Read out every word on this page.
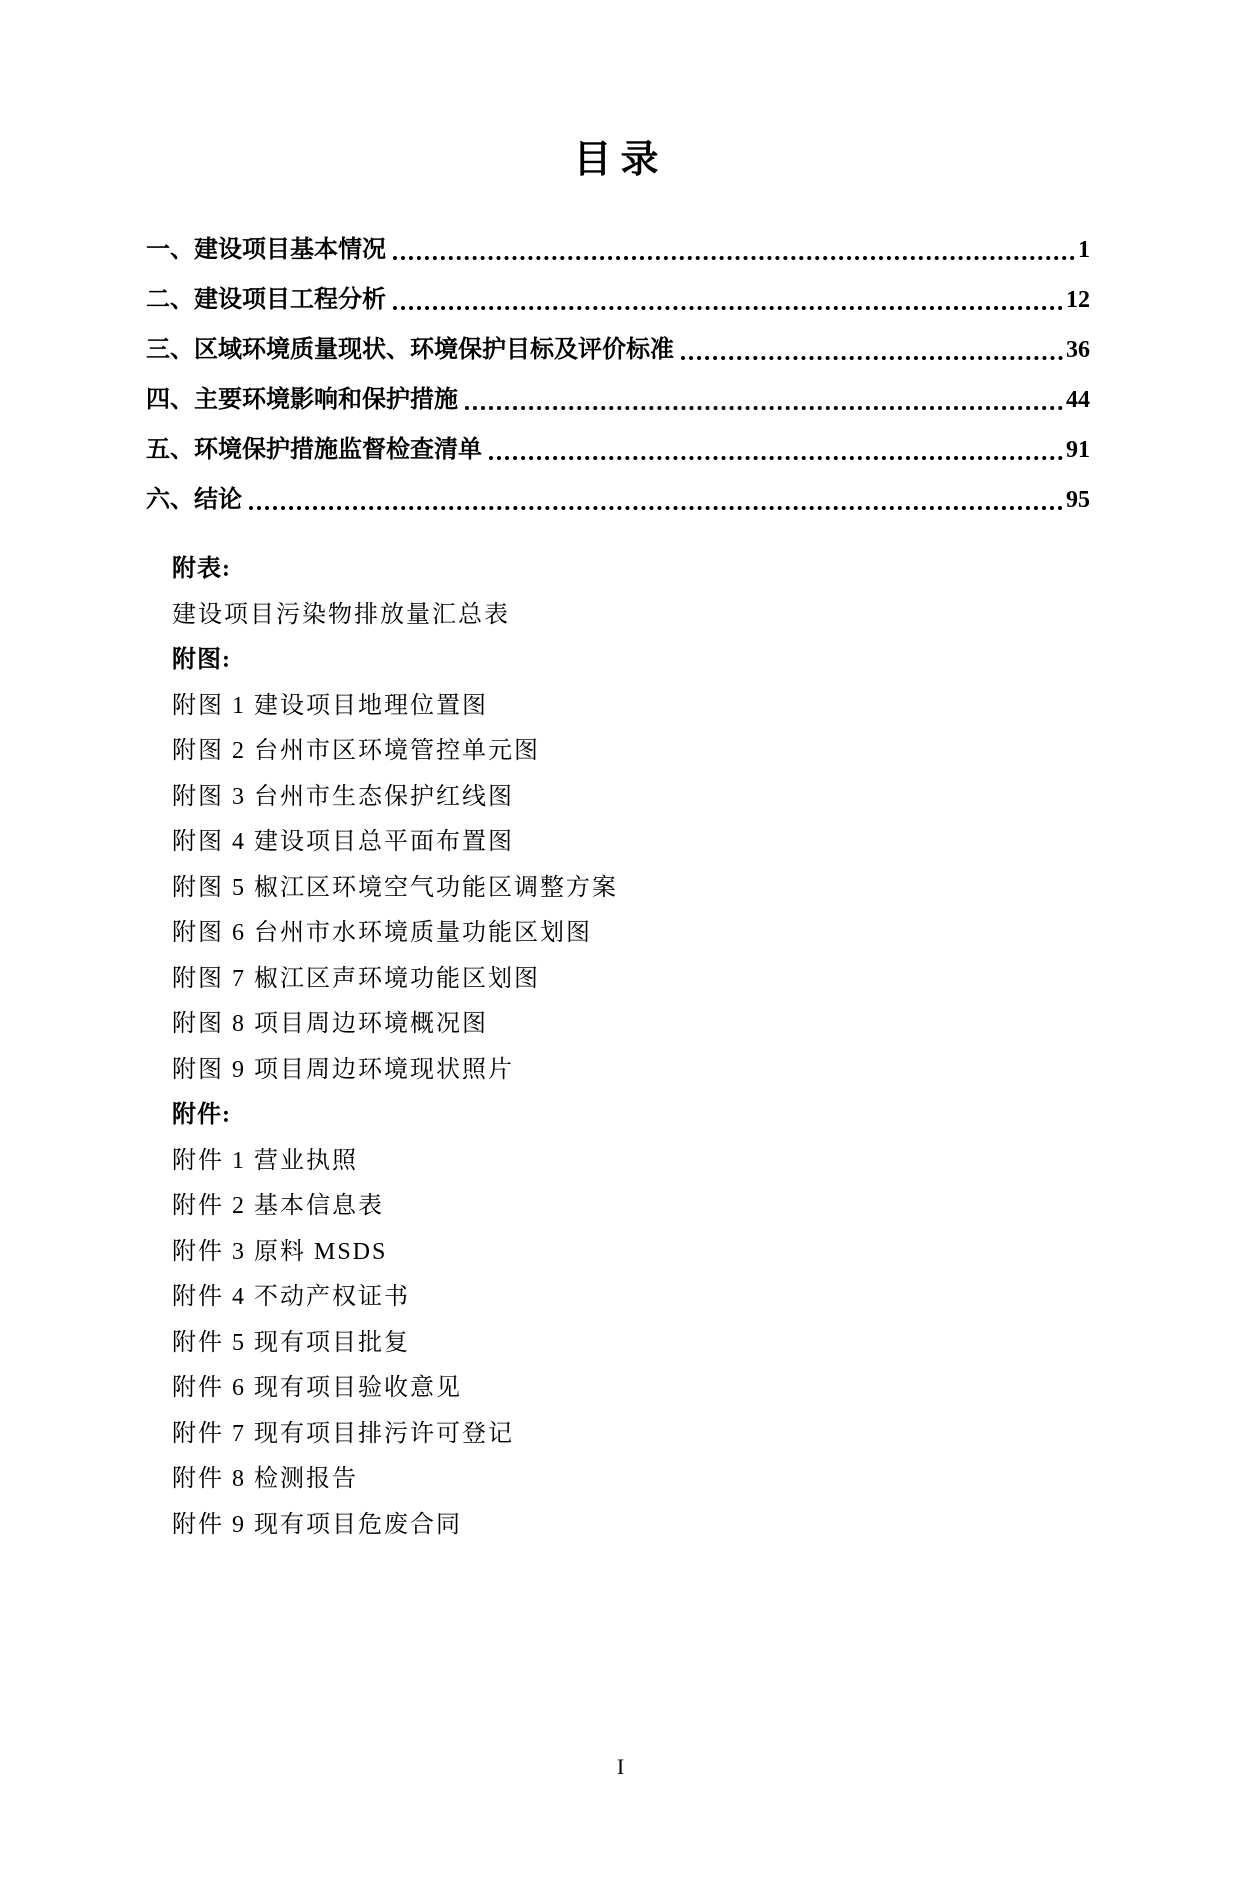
目录
一、建设项目基本情况	1
二、建设项目工程分析	12
三、区域环境质量现状、环境保护目标及评价标准	36
四、主要环境影响和保护措施	44
五、环境保护措施监督检查清单	91
六、结论	95
附表:
建设项目污染物排放量汇总表
附图:
附图 1 建设项目地理位置图
附图 2 台州市区环境管控单元图
附图 3 台州市生态保护红线图
附图 4 建设项目总平面布置图
附图 5 椒江区环境空气功能区调整方案
附图 6 台州市水环境质量功能区划图
附图 7 椒江区声环境功能区划图
附图 8 项目周边环境概况图
附图 9 项目周边环境现状照片
附件:
附件 1 营业执照
附件 2 基本信息表
附件 3 原料 MSDS
附件 4 不动产权证书
附件 5 现有项目批复
附件 6 现有项目验收意见
附件 7 现有项目排污许可登记
附件 8 检测报告
附件 9 现有项目危废合同
I
